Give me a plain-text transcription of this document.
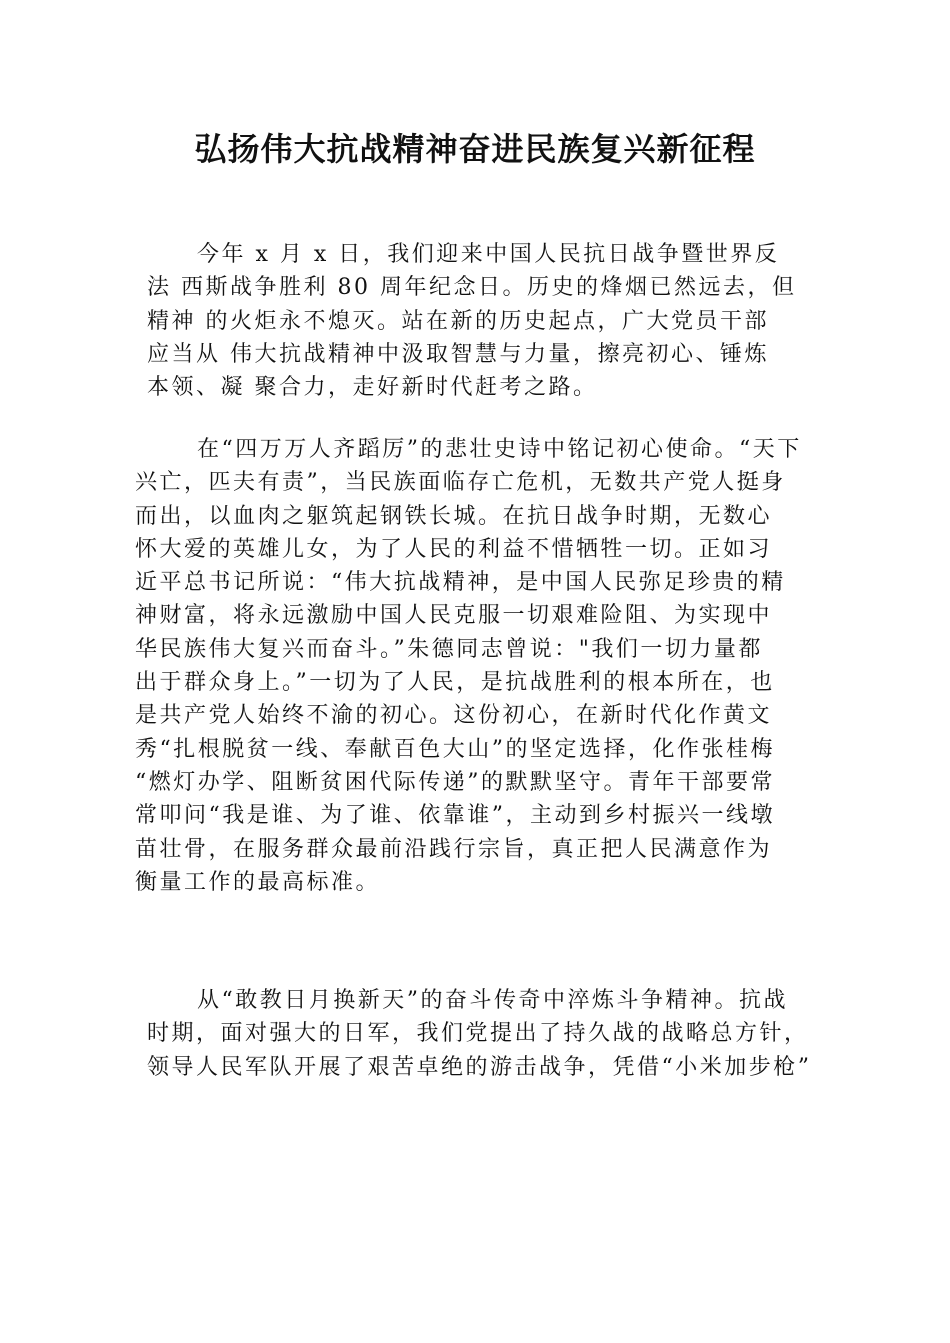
弘扬伟大抗战精神奋进民族复兴新征程
今年 x 月 x 日，我们迎来中国人民抗日战争暨世界反
法 西斯战争胜利 80 周年纪念日。历史的烽烟已然远去，但
精神 的火炬永不熄灭。站在新的历史起点，广大党员干部
应当从 伟大抗战精神中汲取智慧与力量，擦亮初心、锤炼
本领、凝 聚合力，走好新时代赶考之路。
在“四万万人齐蹈厉”的悲壮史诗中铭记初心使命。“天下
兴亡，匹夫有责”，当民族面临存亡危机，无数共产党人挺身
而出，以血肉之躯筑起钢铁长城。在抗日战争时期，无数心
怀大爱的英雄儿女，为了人民的利益不惜牺牲一切。正如习
近平总书记所说：“伟大抗战精神，是中国人民弥足珍贵的精
神财富，将永远激励中国人民克服一切艰难险阻、为实现中
华民族伟大复兴而奋斗。”朱德同志曾说："我们一切力量都
出于群众身上。”一切为了人民，是抗战胜利的根本所在，也
是共产党人始终不渝的初心。这份初心，在新时代化作黄文
秀“扎根脱贫一线、奉献百色大山”的坚定选择，化作张桂梅
“燃灯办学、阻断贫困代际传递”的默默坚守。青年干部要常
常叩问“我是谁、为了谁、依靠谁”，主动到乡村振兴一线墩
苗壮骨，在服务群众最前沿践行宗旨，真正把人民满意作为
衡量工作的最高标准。
从“敢教日月换新天”的奋斗传奇中淬炼斗争精神。抗战
时期，面对强大的日军，我们党提出了持久战的战略总方针，
领导人民军队开展了艰苦卓绝的游击战争，凭借“小米加步枪”
